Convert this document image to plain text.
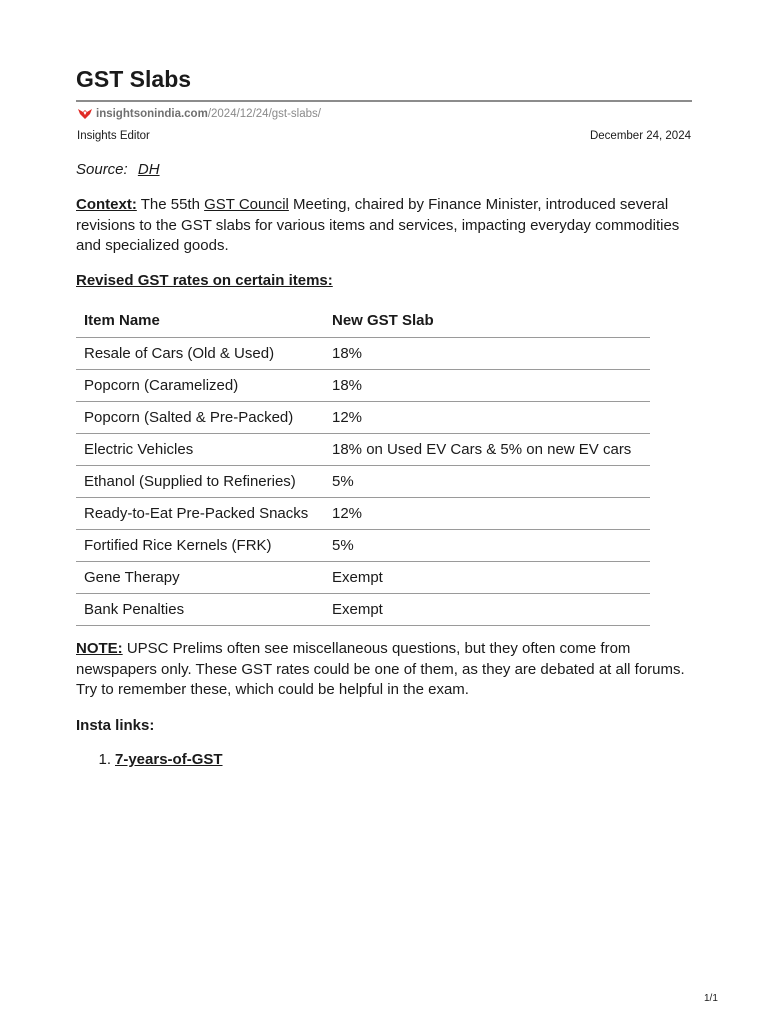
GST Slabs
insightsonindia.com /2024/12/24/gst-slabs/
Insights Editor	December 24, 2024
Source: DH

Context: The 55th GST Council Meeting, chaired by Finance Minister, introduced several revisions to the GST slabs for various items and services, impacting everyday commodities and specialized goods.

Revised GST rates on certain items:
Item Name	New GST Slab
Resale of Cars (Old & Used)	18%
Popcorn (Caramelized)	18%
Popcorn (Salted & Pre-Packed)	12%
Electric Vehicles	18% on Used EV Cars & 5% on new EV cars
Ethanol (Supplied to Refineries)	5%
Ready-to-Eat Pre-Packed Snacks	12%
Fortified Rice Kernels (FRK)	5%
Gene Therapy	Exempt
Bank Penalties	Exempt

NOTE: UPSC Prelims often see miscellaneous questions, but they often come from newspapers only. These GST rates could be one of them, as they are debated at all forums. Try to remember these, which could be helpful in the exam.

Insta links:
1. 7-years-of-GST
1/1
